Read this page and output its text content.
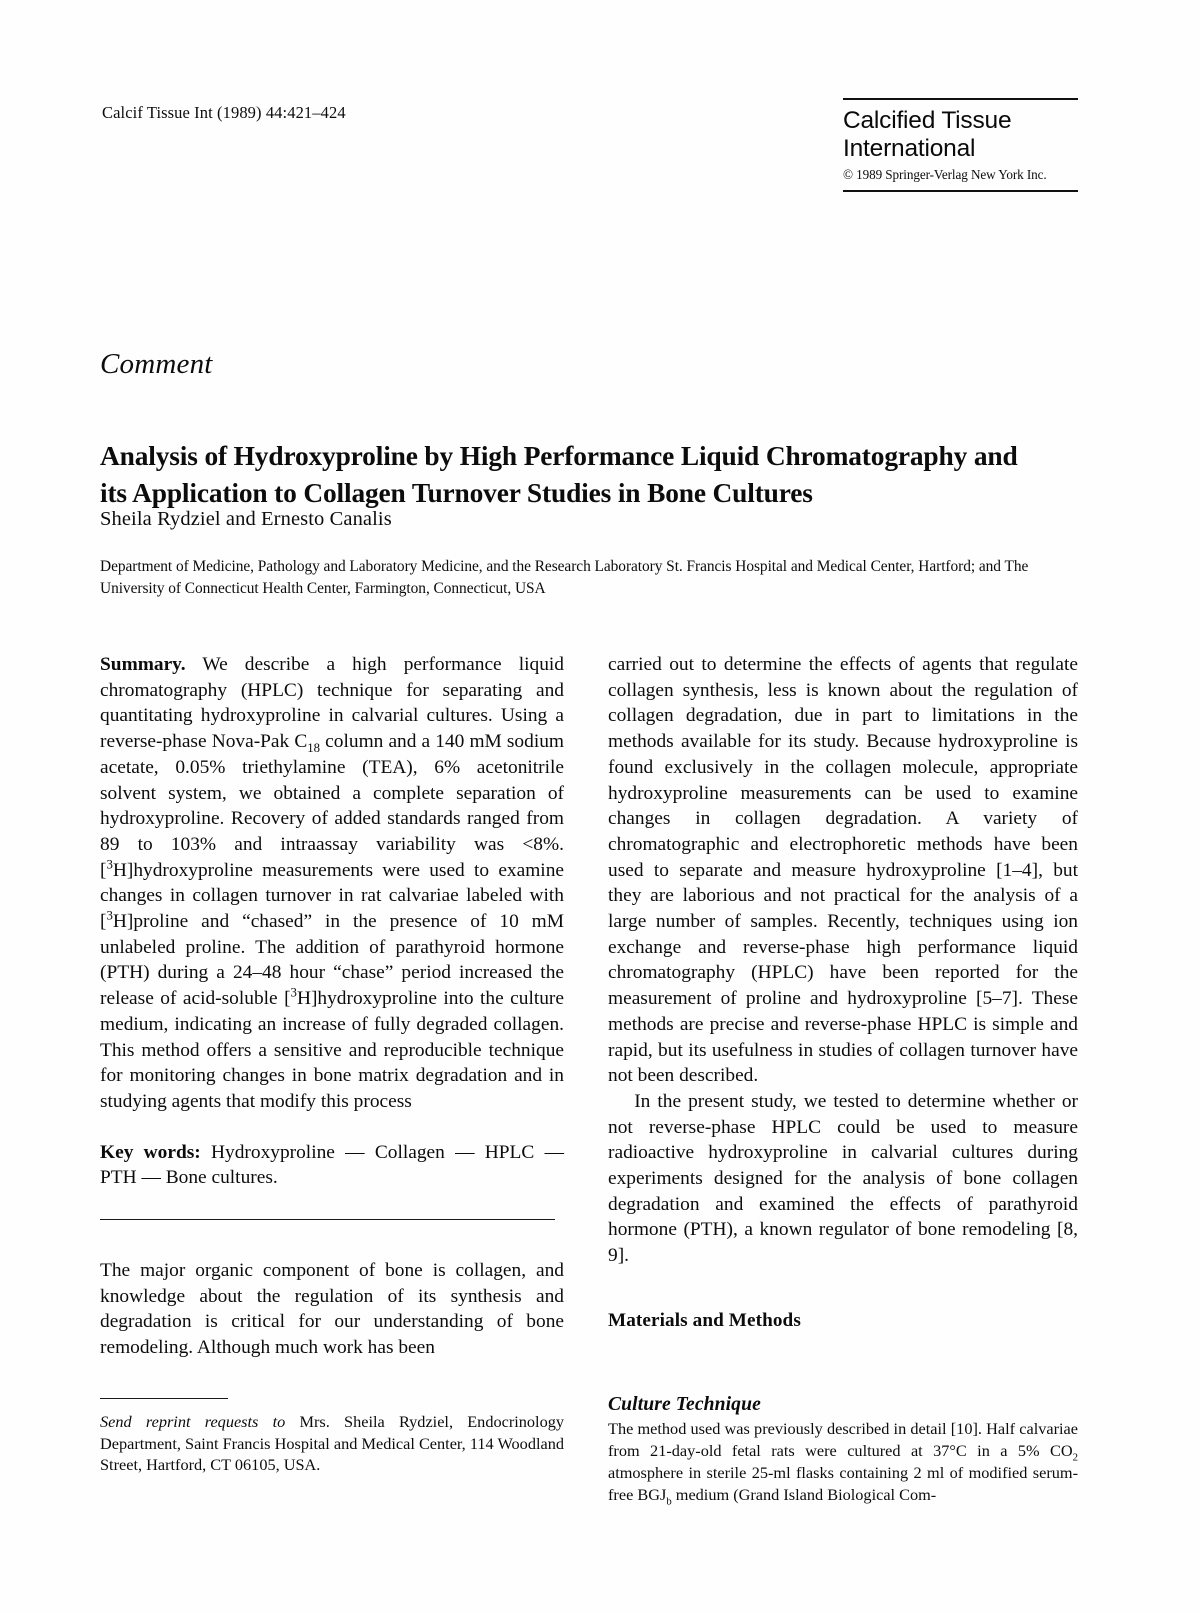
Calcif Tissue Int (1989) 44:421–424	Calcified Tissue
International
© 1989 Springer-Verlag New York Inc.
Comment
Analysis of Hydroxyproline by High Performance Liquid Chromatography and its Application to Collagen Turnover Studies in Bone Cultures
Sheila Rydziel and Ernesto Canalis
Department of Medicine, Pathology and Laboratory Medicine, and the Research Laboratory St. Francis Hospital and Medical Center, Hartford; and The University of Connecticut Health Center, Farmington, Connecticut, USA

Summary. We describe a high performance liquid chromatography (HPLC) technique for separating and quantitating hydroxyproline in calvarial cultures. Using a reverse-phase Nova-Pak $C_{18}$ column and a 140 mM sodium acetate, 0.05% triethylamine (TEA), 6% acetonitrile solvent system, we obtained a complete separation of hydroxyproline. Recovery of added standards ranged from 89 to 103% and intraassay variability was <8%. [$^3$H]hydroxyproline measurements were used to examine changes in collagen turnover in rat calvariae labeled with [$^3$H]proline and “chased” in the presence of 10 mM unlabeled proline. The addition of parathyroid hormone (PTH) during a 24–48 hour “chase” period increased the release of acid-soluble [$^3$H]hydroxyproline into the culture medium, indicating an increase of fully degraded collagen. This method offers a sensitive and reproducible technique for monitoring changes in bone matrix degradation and in studying agents that modify this process

Key words: Hydroxyproline — Collagen — HPLC — PTH — Bone cultures.

The major organic component of bone is collagen, and knowledge about the regulation of its synthesis and degradation is critical for our understanding of bone remodeling. Although much work has been
Send reprint requests to Mrs. Sheila Rydziel, Endocrinology Department, Saint Francis Hospital and Medical Center, 114 Woodland Street, Hartford, CT 06105, USA.

carried out to determine the effects of agents that regulate collagen synthesis, less is known about the regulation of collagen degradation, due in part to limitations in the methods available for its study. Because hydroxyproline is found exclusively in the collagen molecule, appropriate hydroxyproline measurements can be used to examine changes in collagen degradation. A variety of chromatographic and electrophoretic methods have been used to separate and measure hydroxyproline [1–4], but they are laborious and not practical for the analysis of a large number of samples. Recently, techniques using ion exchange and reverse-phase high performance liquid chromatography (HPLC) have been reported for the measurement of proline and hydroxyproline [5–7]. These methods are precise and reverse-phase HPLC is simple and rapid, but its usefulness in studies of collagen turnover have not been described.

In the present study, we tested to determine whether or not reverse-phase HPLC could be used to measure radioactive hydroxyproline in calvarial cultures during experiments designed for the analysis of bone collagen degradation and examined the effects of parathyroid hormone (PTH), a known regulator of bone remodeling [8, 9].

Materials and Methods
Culture Technique
The method used was previously described in detail [10]. Half calvariae from 21-day-old fetal rats were cultured at 37°C in a 5% $CO_2$ atmosphere in sterile 25-ml flasks containing 2 ml of modified serum-free $BGJ_b$ medium (Grand Island Biological Com-
